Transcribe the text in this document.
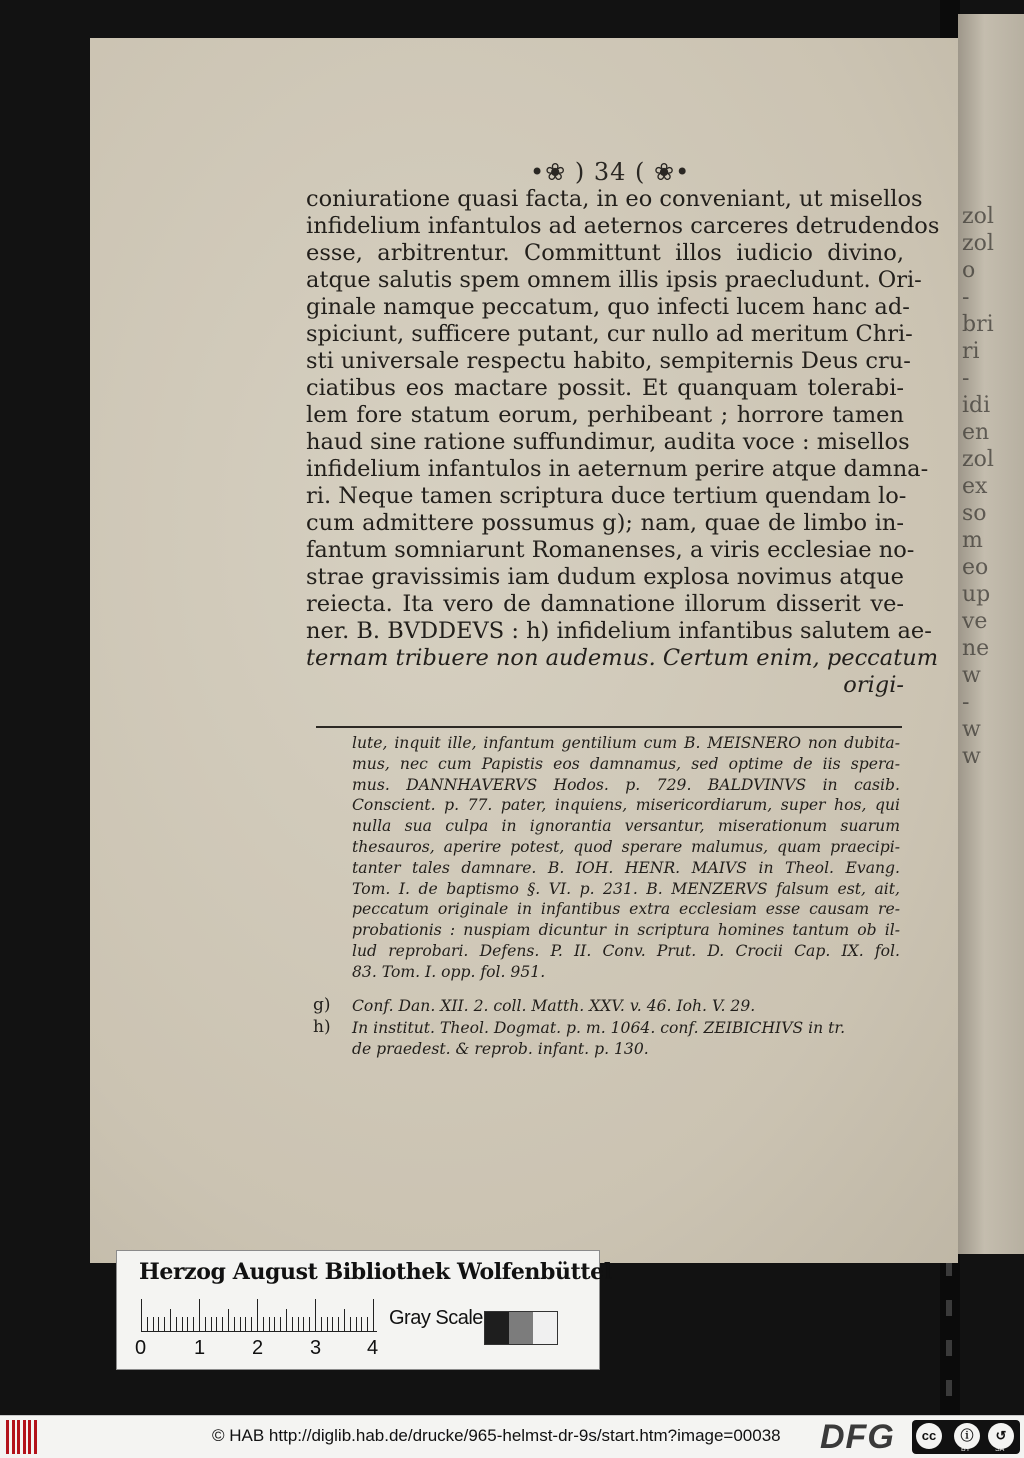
zol
zol
o
-
bri
ri
-
idi
en
zol
ex
so
m
eo
up
ve
ne
w
-
w
w
•❀ ) 34 ( ❀•
coniuratione quasi facta, in eo conveniant, ut misellos
infidelium infantulos ad aeternos carceres detrudendos
esse, arbitrentur. Committunt illos iudicio divino,
atque salutis spem omnem illis ipsis praecludunt. Ori-
ginale namque peccatum, quo infecti lucem hanc ad-
spiciunt, sufficere putant, cur nullo ad meritum Chri-
sti universale respectu habito, sempiternis Deus cru-
ciatibus eos mactare possit. Et quanquam tolerabi-
lem fore statum eorum, perhibeant ; horrore tamen
haud sine ratione suffundimur, audita voce : misellos
infidelium infantulos in aeternum perire atque damna-
ri. Neque tamen scriptura duce tertium quendam lo-
cum admittere possumus g); nam, quae de limbo in-
fantum somniarunt Romanenses, a viris ecclesiae no-
strae gravissimis iam dudum explosa novimus atque
reiecta. Ita vero de damnatione illorum disserit ve-
ner. B. BVDDEVS : h) infidelium infantibus salutem ae-
ternam tribuere non audemus. Certum enim, peccatum
origi-
lute, inquit ille, infantum gentilium cum B. MEISNERO non dubita-
mus, nec cum Papistis eos damnamus, sed optime de iis spera-
mus. DANNHAVERVS Hodos. p. 729. BALDVINVS in casib.
Conscient. p. 77. pater, inquiens, misericordiarum, super hos, qui
nulla sua culpa in ignorantia versantur, miserationum suarum
thesauros, aperire potest, quod sperare malumus, quam praecipi-
tanter tales damnare. B. IOH. HENR. MAIVS in Theol. Evang.
Tom. I. de baptismo §. VI. p. 231. B. MENZERVS falsum est, ait,
peccatum originale in infantibus extra ecclesiam esse causam re-
probationis : nuspiam dicuntur in scriptura homines tantum ob il-
lud reprobari. Defens. P. II. Conv. Prut. D. Crocii Cap. IX. fol.
83. Tom. I. opp. fol. 951.
g) Conf. Dan. XII. 2. coll. Matth. XXV. v. 46. Ioh. V. 29.
h) In institut. Theol. Dogmat. p. m. 1064. conf. ZEIBICHIVS in tr.
de praedest. & reprob. infant. p. 130.
Herzog August Bibliothek Wolfenbüttel
0 1 2 3 4
Gray Scale
© HAB http://diglib.hab.de/drucke/965-helmst-dr-9s/start.htm?image=00038 DFG	cc	ⓘ	↺
BY	SA
